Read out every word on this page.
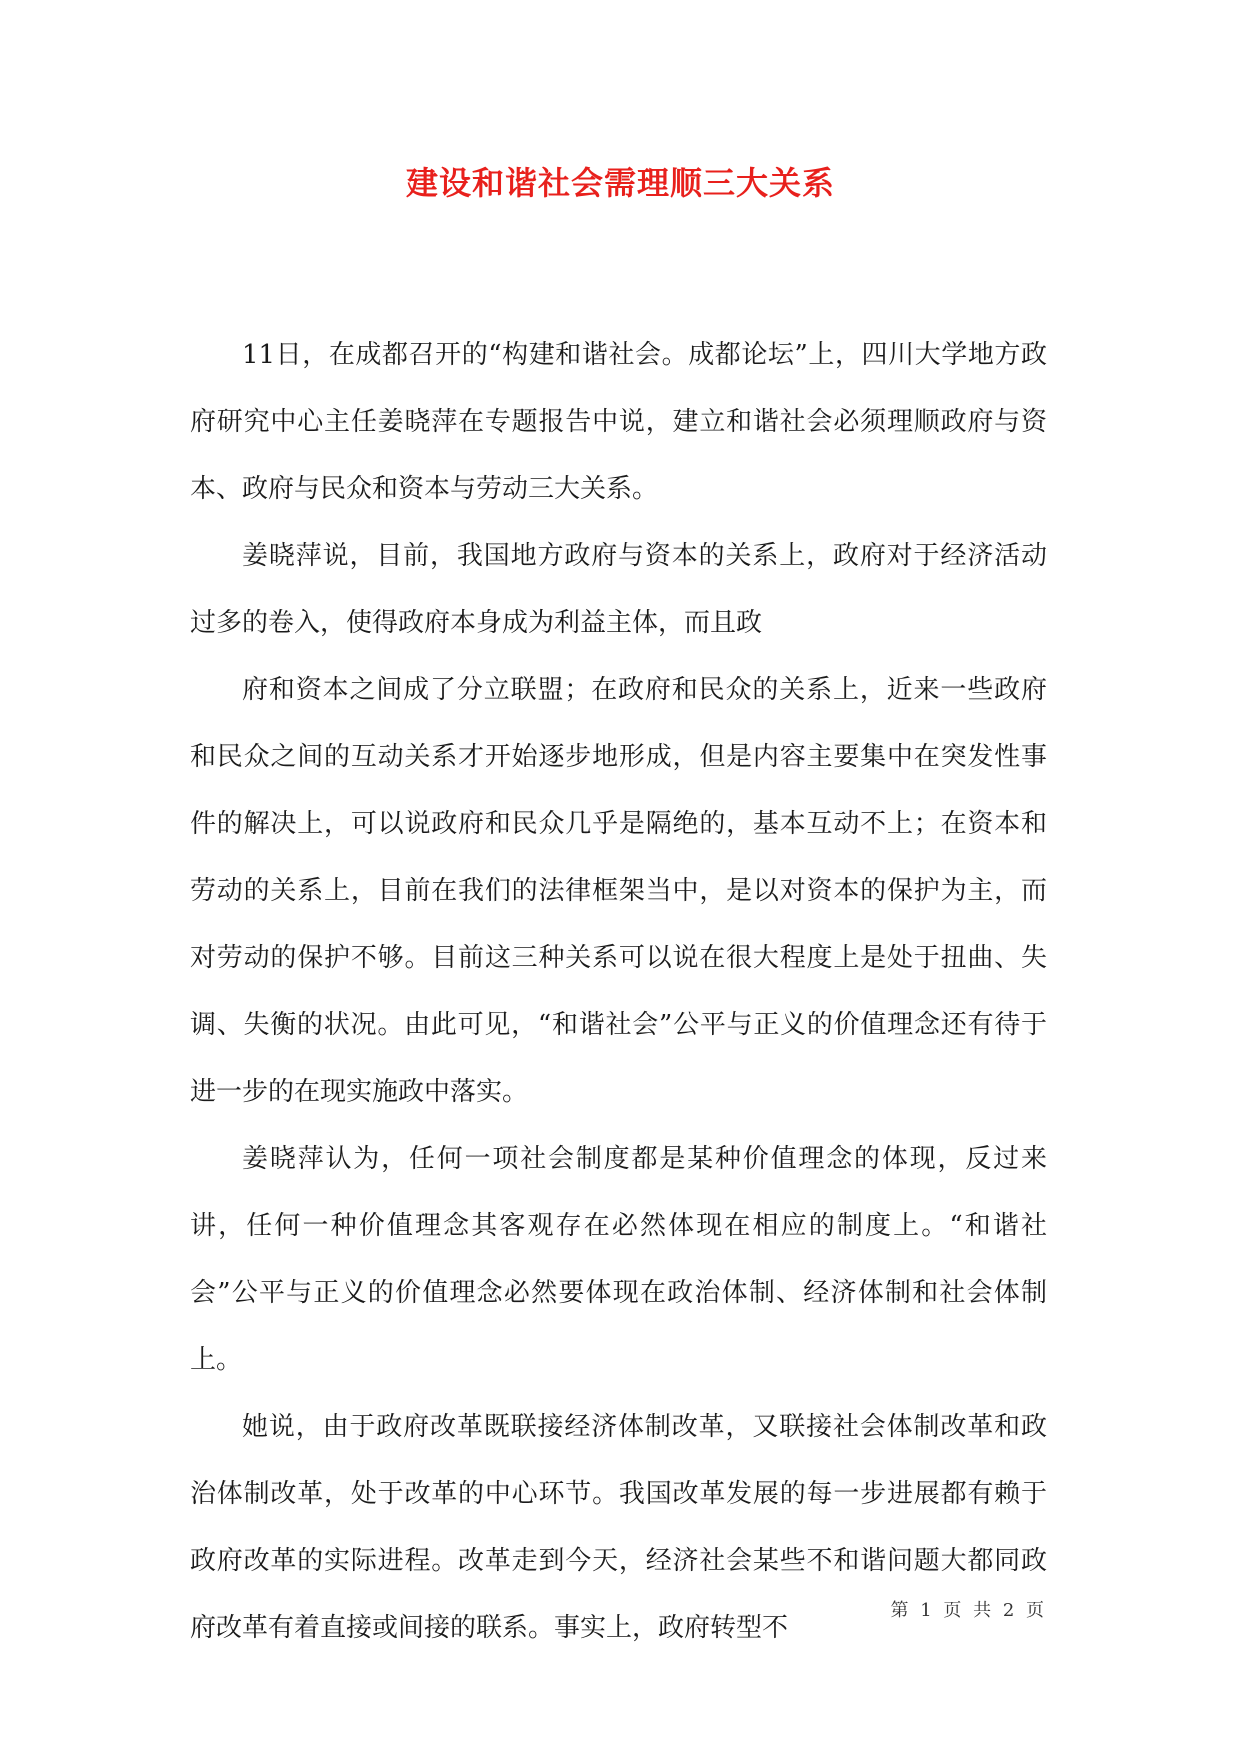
建设和谐社会需理顺三大关系

11日，在成都召开的“构建和谐社会。成都论坛”上，四川大学地方政府研究中心主任姜晓萍在专题报告中说，建立和谐社会必须理顺政府与资本、政府与民众和资本与劳动三大关系。

姜晓萍说，目前，我国地方政府与资本的关系上，政府对于经济活动过多的卷入，使得政府本身成为利益主体，而且政

府和资本之间成了分立联盟；在政府和民众的关系上，近来一些政府和民众之间的互动关系才开始逐步地形成，但是内容主要集中在突发性事件的解决上，可以说政府和民众几乎是隔绝的，基本互动不上；在资本和劳动的关系上，目前在我们的法律框架当中，是以对资本的保护为主，而对劳动的保护不够。目前这三种关系可以说在很大程度上是处于扭曲、失调、失衡的状况。由此可见，“和谐社会”公平与正义的价值理念还有待于进一步的在现实施政中落实。

姜晓萍认为，任何一项社会制度都是某种价值理念的体现，反过来讲，任何一种价值理念其客观存在必然体现在相应的制度上。“和谐社会”公平与正义的价值理念必然要体现在政治体制、经济体制和社会体制上。

她说，由于政府改革既联接经济体制改革，又联接社会体制改革和政治体制改革，处于改革的中心环节。我国改革发展的每一步进展都有赖于政府改革的实际进程。改革走到今天，经济社会某些不和谐问题大都同政府改革有着直接或间接的联系。事实上，政府转型不

第 1 页 共 2 页
